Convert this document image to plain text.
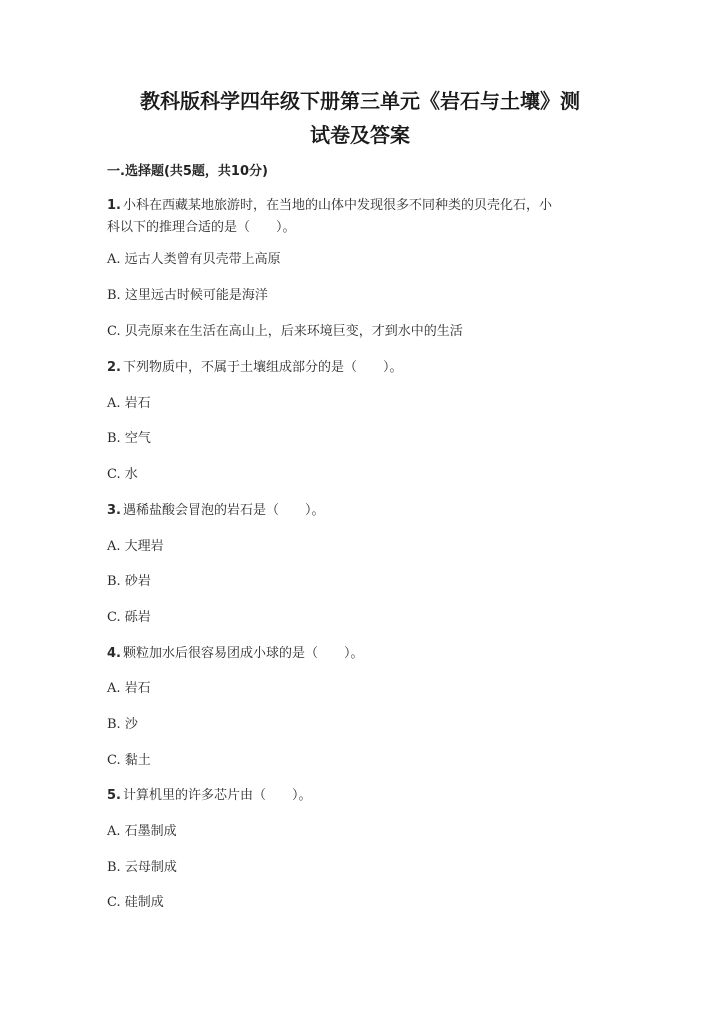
教科版科学四年级下册第三单元《岩石与土壤》测
试卷及答案
一.选择题(共5题，共10分)
1. 小科在西藏某地旅游时，在当地的山体中发现很多不同种类的贝壳化石，小
科以下的推理合适的是（　　）。
A. 远古人类曾有贝壳带上高原
B. 这里远古时候可能是海洋
C. 贝壳原来在生活在高山上，后来环境巨变，才到水中的生活
2. 下列物质中，不属于土壤组成部分的是（　　）。
A. 岩石
B. 空气
C. 水
3. 遇稀盐酸会冒泡的岩石是（　　）。
A. 大理岩
B. 砂岩
C. 砾岩
4. 颗粒加水后很容易团成小球的是（　　）。
A. 岩石
B. 沙
C. 黏土
5. 计算机里的许多芯片由（　　）。
A. 石墨制成
B. 云母制成
C. 硅制成
